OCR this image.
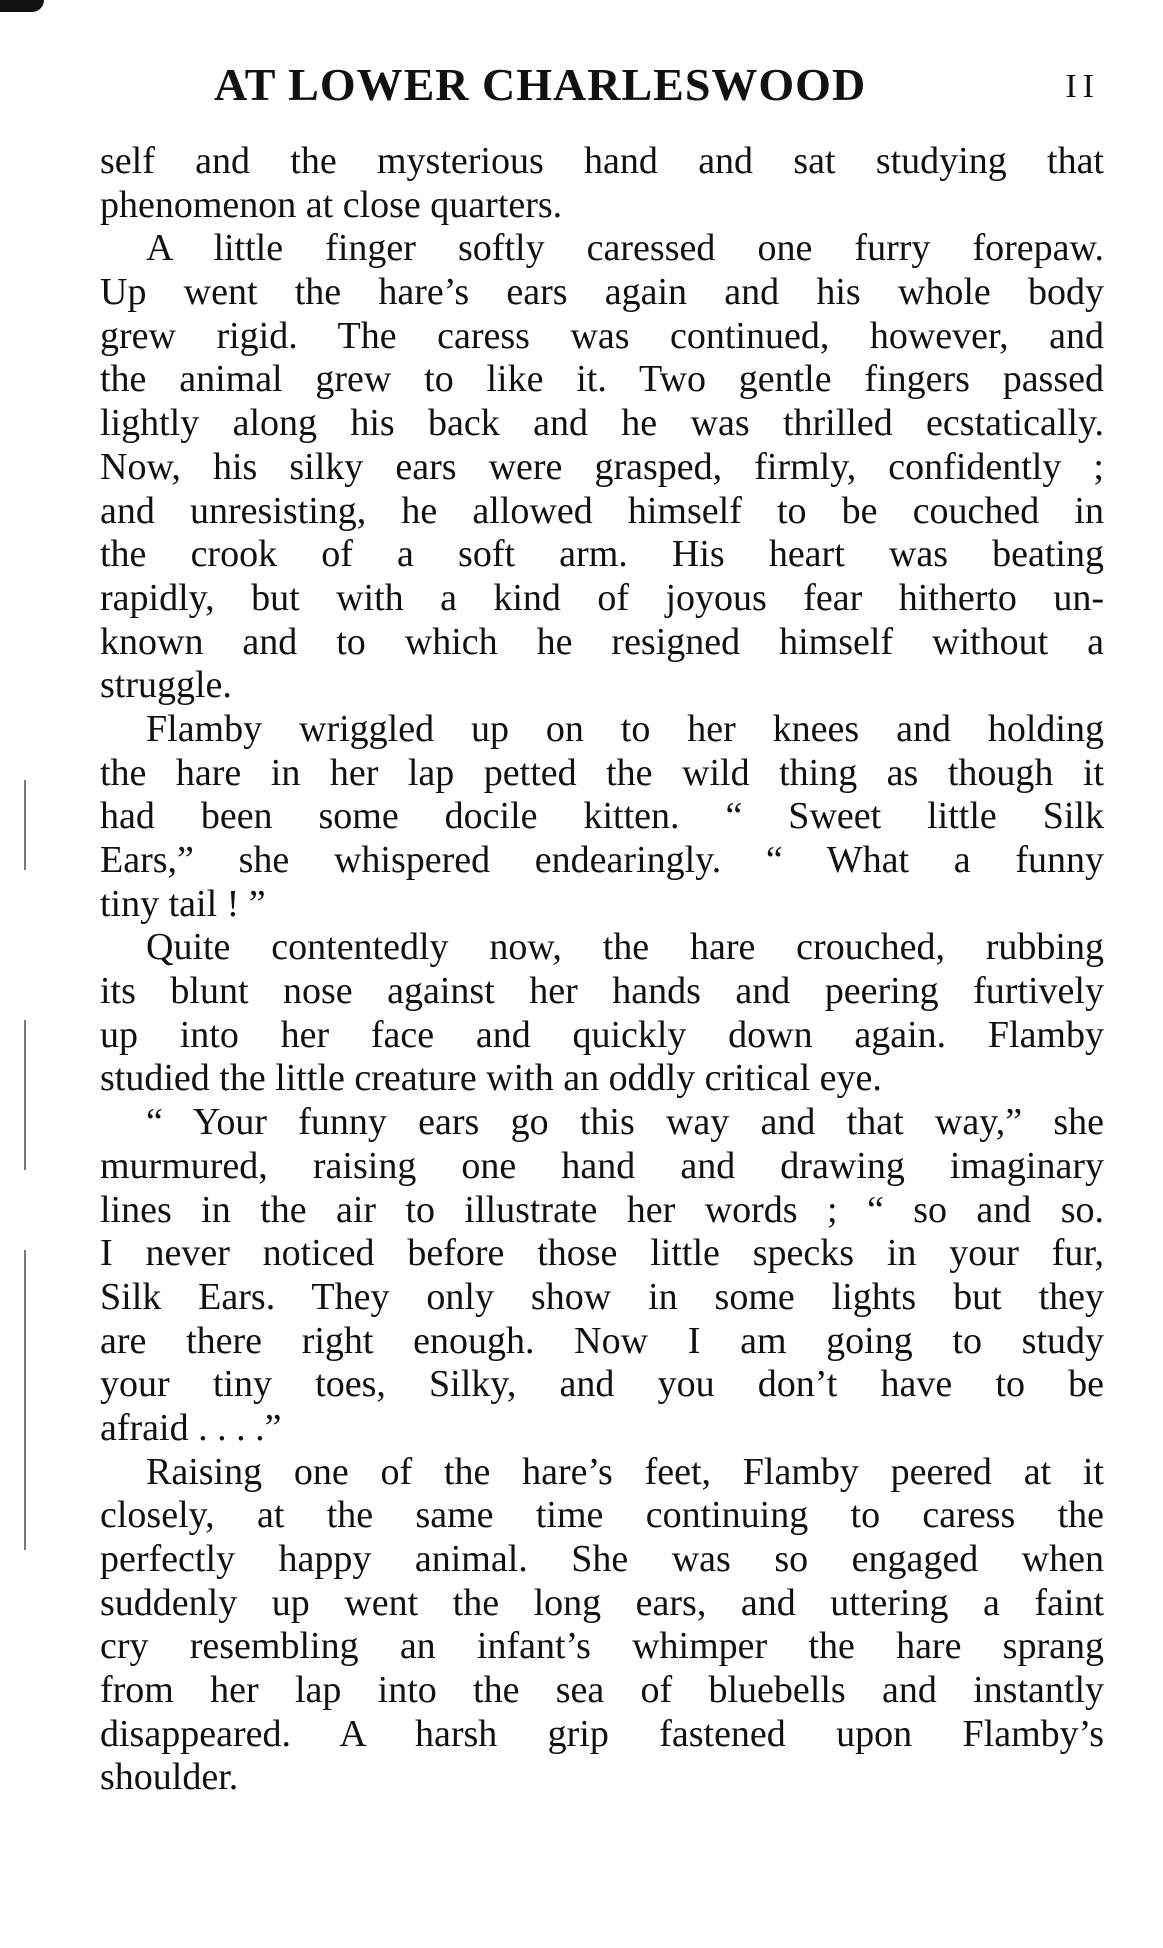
AT LOWER CHARLESWOOD	II
self and the mysterious hand and sat studying that
phenomenon at close quarters.
A little finger softly caressed one furry forepaw.
Up went the hare’s ears again and his whole body
grew rigid. The caress was continued, however, and
the animal grew to like it. Two gentle fingers passed
lightly along his back and he was thrilled ecstatically.
Now, his silky ears were grasped, firmly, confidently ;
and unresisting, he allowed himself to be couched in
the crook of a soft arm. His heart was beating
rapidly, but with a kind of joyous fear hitherto un-
known and to which he resigned himself without a
struggle.
Flamby wriggled up on to her knees and holding
the hare in her lap petted the wild thing as though it
had been some docile kitten. “ Sweet little Silk
Ears,” she whispered endearingly. “ What a funny
tiny tail ! ”
Quite contentedly now, the hare crouched, rubbing
its blunt nose against her hands and peering furtively
up into her face and quickly down again. Flamby
studied the little creature with an oddly critical eye.
“ Your funny ears go this way and that way,” she
murmured, raising one hand and drawing imaginary
lines in the air to illustrate her words ; “ so and so.
I never noticed before those little specks in your fur,
Silk Ears. They only show in some lights but they
are there right enough. Now I am going to study
your tiny toes, Silky, and you don’t have to be
afraid . . . .”
Raising one of the hare’s feet, Flamby peered at it
closely, at the same time continuing to caress the
perfectly happy animal. She was so engaged when
suddenly up went the long ears, and uttering a faint
cry resembling an infant’s whimper the hare sprang
from her lap into the sea of bluebells and instantly
disappeared. A harsh grip fastened upon Flamby’s
shoulder.
